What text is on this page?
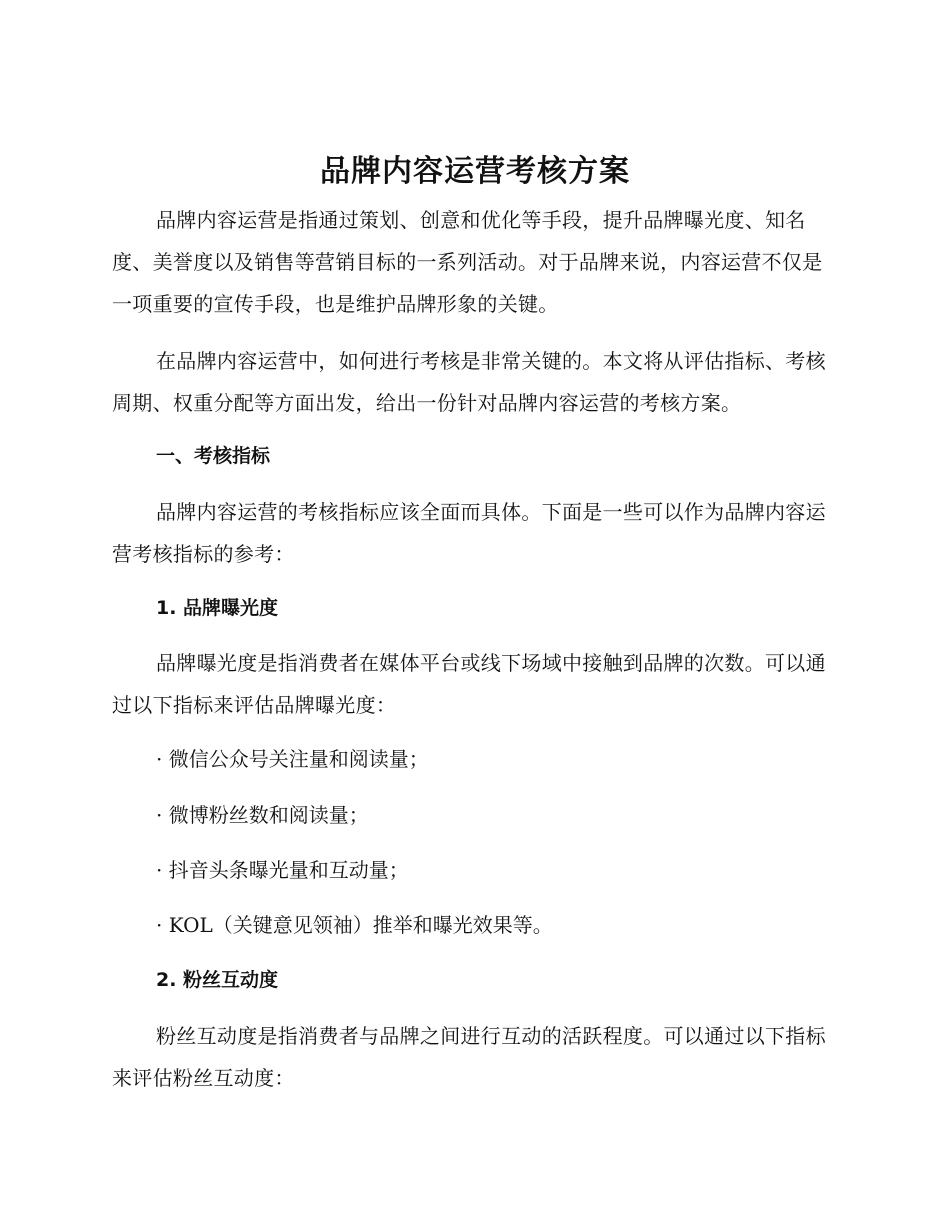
品牌内容运营考核方案

品牌内容运营是指通过策划、创意和优化等手段，提升品牌曝光度、知名度、美誉度以及销售等营销目标的一系列活动。对于品牌来说，内容运营不仅是一项重要的宣传手段，也是维护品牌形象的关键。

在品牌内容运营中，如何进行考核是非常关键的。本文将从评估指标、考核周期、权重分配等方面出发，给出一份针对品牌内容运营的考核方案。

一、考核指标

品牌内容运营的考核指标应该全面而具体。下面是一些可以作为品牌内容运营考核指标的参考：

1. 品牌曝光度

品牌曝光度是指消费者在媒体平台或线下场域中接触到品牌的次数。可以通过以下指标来评估品牌曝光度：

· 微信公众号关注量和阅读量；

· 微博粉丝数和阅读量；

· 抖音头条曝光量和互动量；

· KOL（关键意见领袖）推举和曝光效果等。

2. 粉丝互动度

粉丝互动度是指消费者与品牌之间进行互动的活跃程度。可以通过以下指标来评估粉丝互动度：
